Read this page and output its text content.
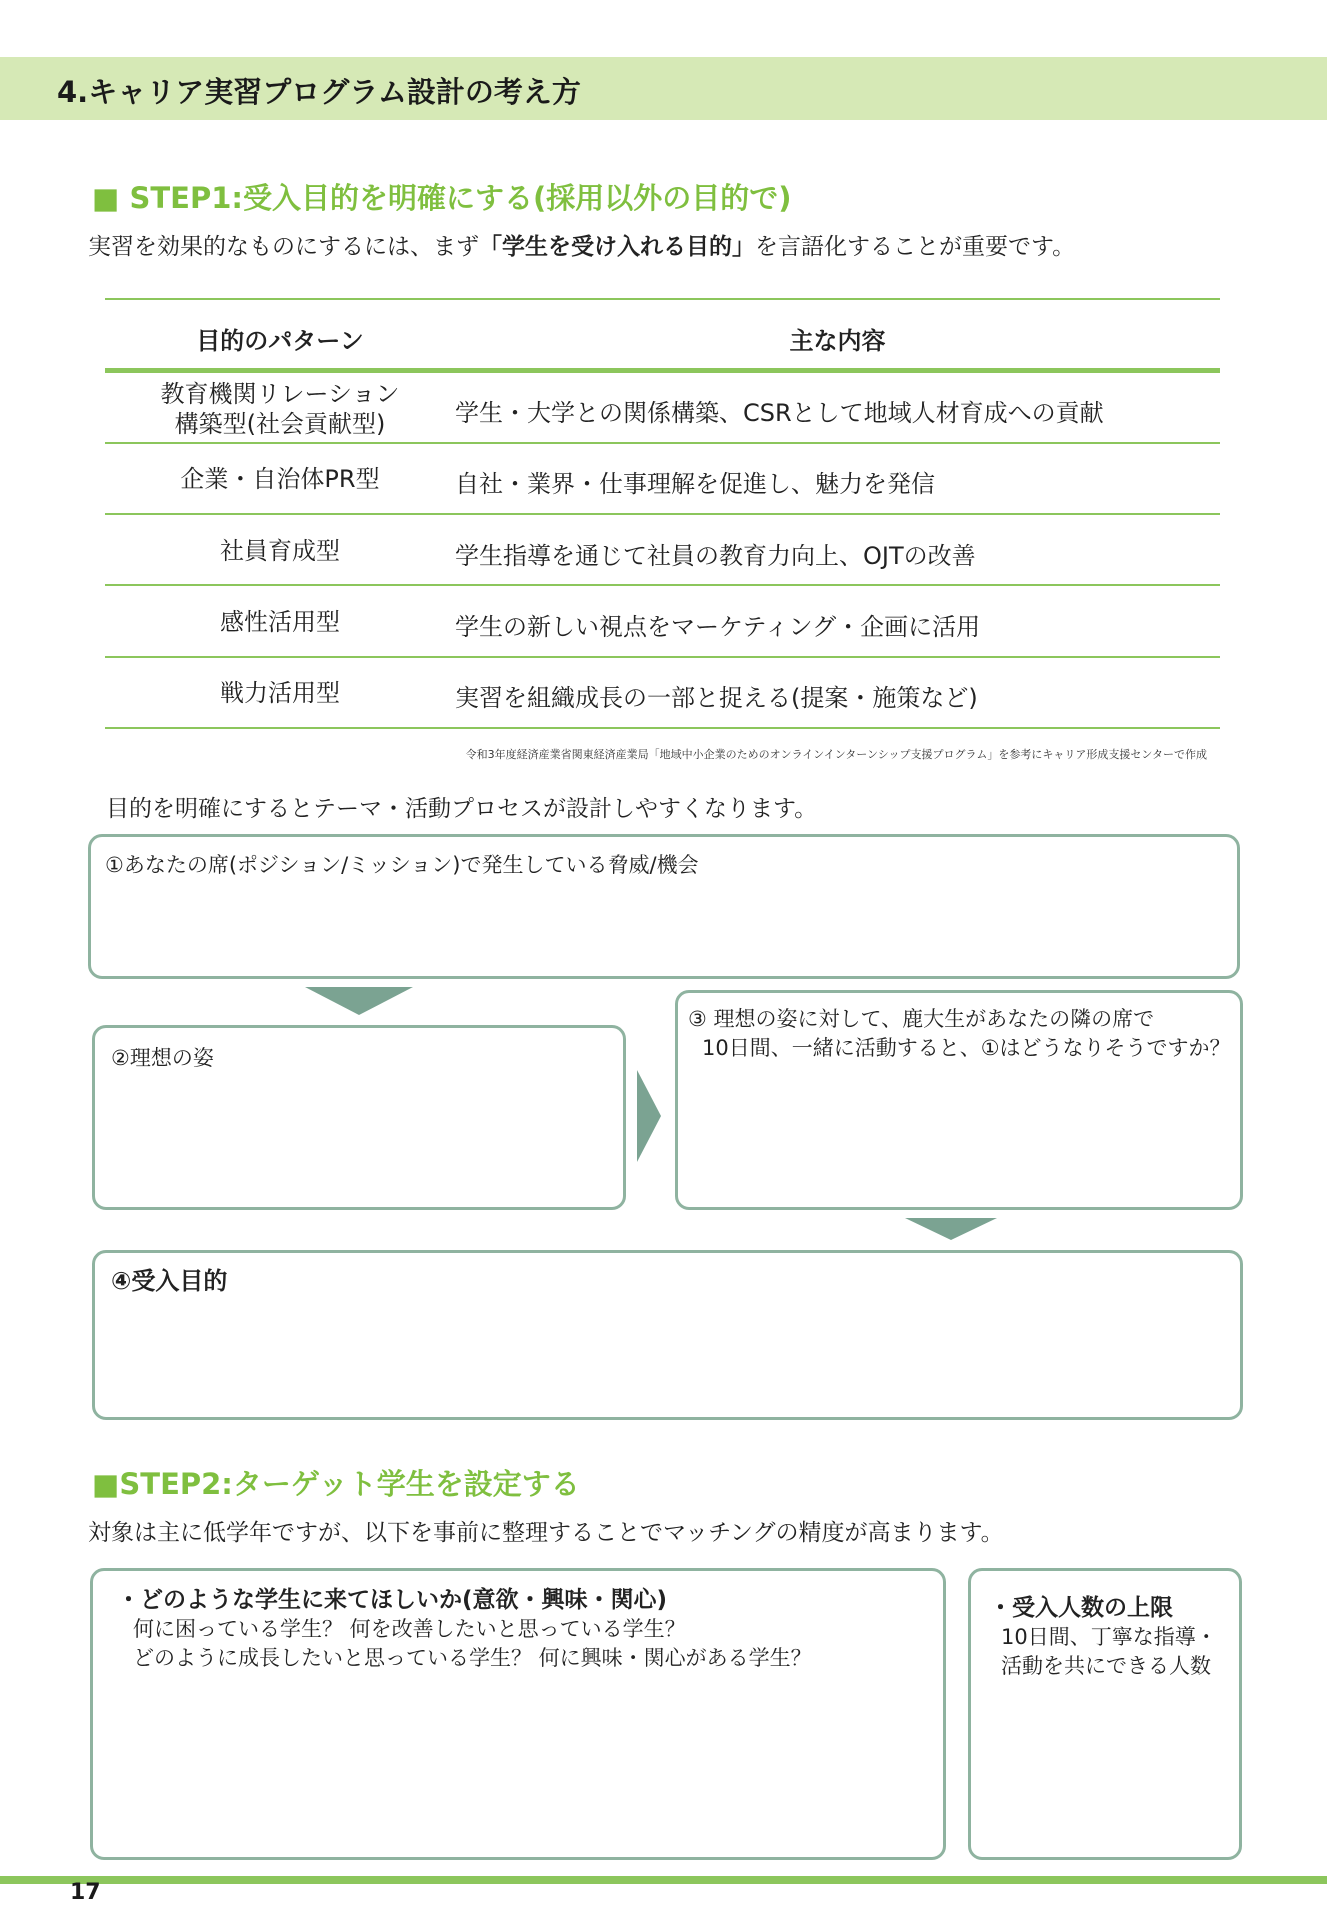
4.キャリア実習プログラム設計の考え方
■ STEP1:受入目的を明確にする(採用以外の目的で)
実習を効果的なものにするには、まず「学生を受け入れる目的」を言語化することが重要です。
目的のパターン	主な内容
教育機関リレーション
構築型(社会貢献型)	学生・大学との関係構築、CSRとして地域人材育成への貢献
企業・自治体PR型	自社・業界・仕事理解を促進し、魅力を発信
社員育成型	学生指導を通じて社員の教育力向上、OJTの改善
感性活用型	学生の新しい視点をマーケティング・企画に活用
戦力活用型	実習を組織成長の一部と捉える(提案・施策など)
令和3年度経済産業省関東経済産業局「地域中小企業のためのオンラインインターンシップ支援プログラム」を参考にキャリア形成支援センターで作成
目的を明確にするとテーマ・活動プロセスが設計しやすくなります。
①あなたの席(ポジション/ミッション)で発生している脅威/機会
②理想の姿
③ 理想の姿に対して、鹿大生があなたの隣の席で
10日間、一緒に活動すると、①はどうなりそうですか？
④受入目的
■STEP2:ターゲット学生を設定する
対象は主に低学年ですが、以下を事前に整理することでマッチングの精度が高まります。
・どのような学生に来てほしいか(意欲・興味・関心)
何に困っている学生？ 何を改善したいと思っている学生？
どのように成長したいと思っている学生？ 何に興味・関心がある学生？
・受入人数の上限
10日間、丁寧な指導・
活動を共にできる人数
17
